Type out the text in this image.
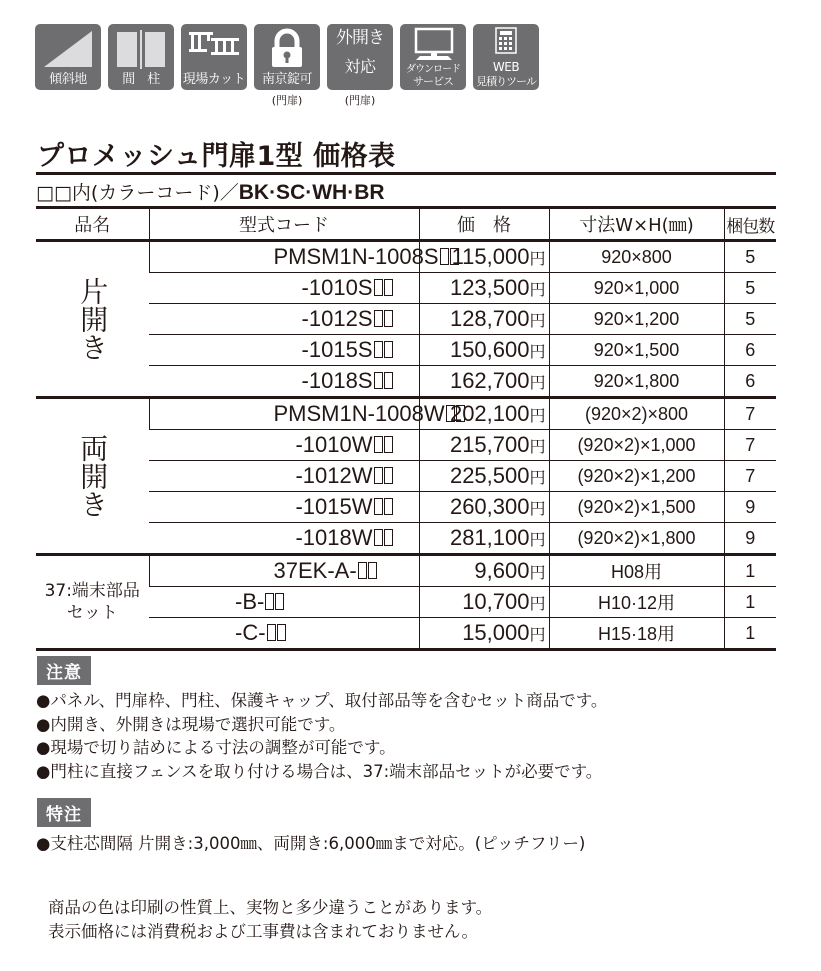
傾斜地	間　柱	現場カット	南京錠可
(門扉)
外開き
対応
(門扉)
ダウンロード
サービス
WEB
見積りツール
プロメッシュ門扉1型 価格表
□□内(カラーコード)／BK·SC·WH·BR
品名	型式コード	価　格	寸法W×H(㎜)	梱包数
片開き	PMSM1N-1008S	115,000円	920×800	5
	-1010S	123,500円	920×1,000	5
	-1012S	128,700円	920×1,200	5
	-1015S	150,600円	920×1,500	6
	-1018S	162,700円	920×1,800	6
両開き	PMSM1N-1008W	202,100円	(920×2)×800	7
	-1010W	215,700円	(920×2)×1,000	7
	-1012W	225,500円	(920×2)×1,200	7
	-1015W	260,300円	(920×2)×1,500	9
	-1018W	281,100円	(920×2)×1,800	9

37:端末部品
セット	37EK-A-	9,600円	H08用	1
	-B-	10,700円	H10·12用	1
	-C-	15,000円	H15·18用	1
注意
●パネル、門扉枠、門柱、保護キャップ、取付部品等を含むセット商品です。
●内開き、外開きは現場で選択可能です。
●現場で切り詰めによる寸法の調整が可能です。
●門柱に直接フェンスを取り付ける場合は、37:端末部品セットが必要です。
特注
●支柱芯間隔 片開き:3,000㎜、両開き:6,000㎜まで対応。(ピッチフリー)
商品の色は印刷の性質上、実物と多少違うことがあります。
表示価格には消費税および工事費は含まれておりません。
